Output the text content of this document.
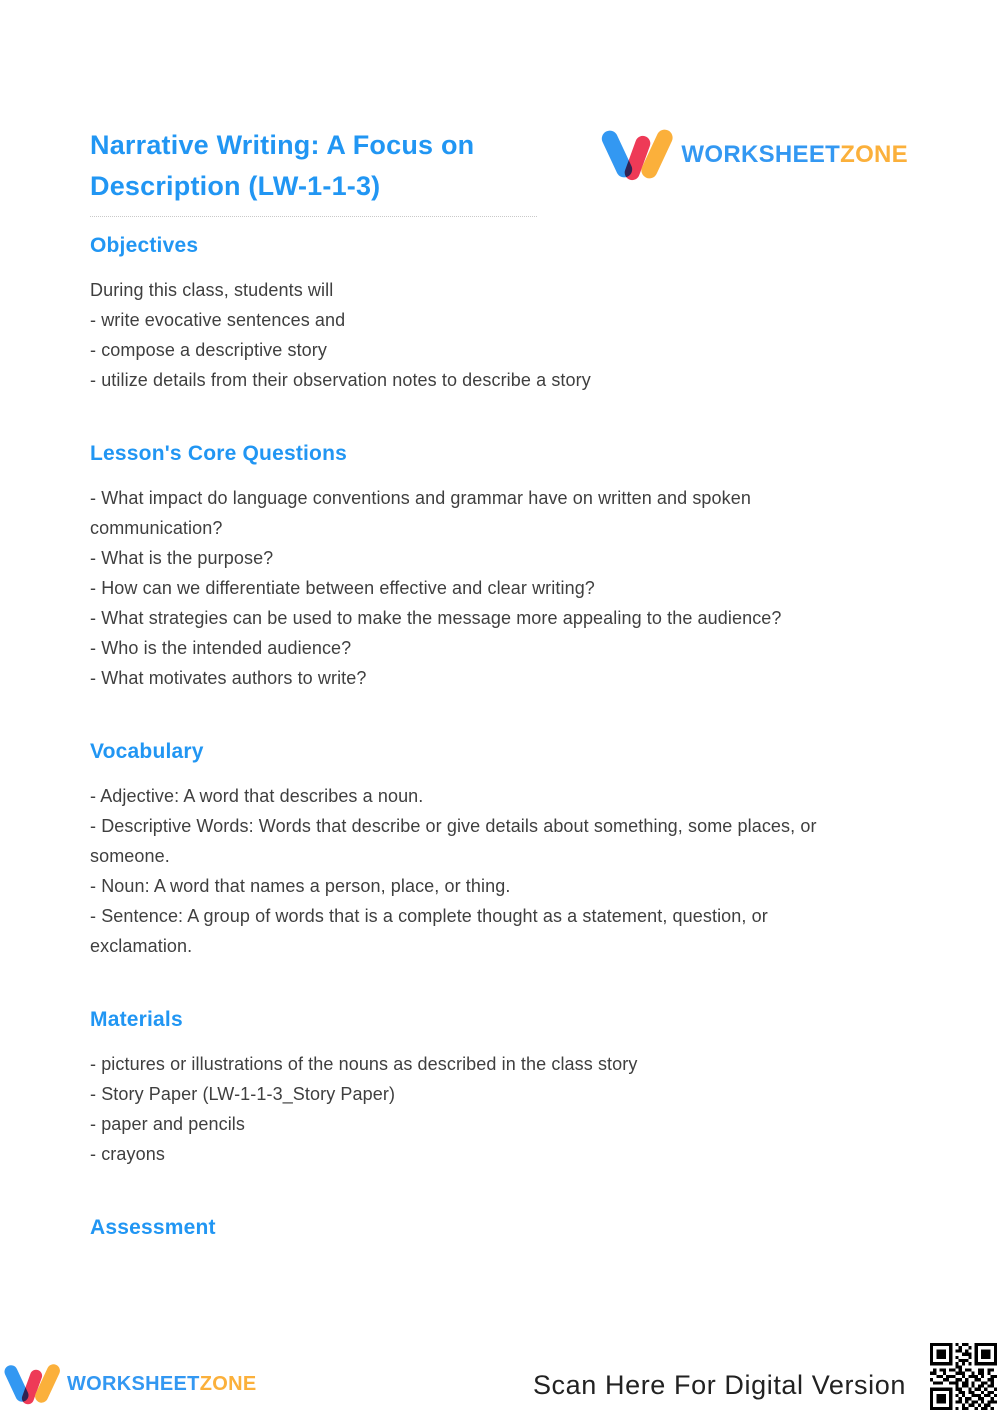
Narrative Writing: A Focus on Description (LW-1-1-3)
WORKSHEETZONE
Objectives

During this class, students will

- write evocative sentences and

- compose a descriptive story

- utilize details from their observation notes to describe a story

Lesson's Core Questions

- What impact do language conventions and grammar have on written and spoken

communication?

- What is the purpose?

- How can we differentiate between effective and clear writing?

- What strategies can be used to make the message more appealing to the audience?

- Who is the intended audience?

- What motivates authors to write?

Vocabulary

- Adjective: A word that describes a noun.

- Descriptive Words: Words that describe or give details about something, some places, or

someone.

- Noun: A word that names a person, place, or thing.

- Sentence: A group of words that is a complete thought as a statement, question, or

exclamation.

Materials

- pictures or illustrations of the nouns as described in the class story

- Story Paper (LW-1-1-3_Story Paper)

- paper and pencils

- crayons

Assessment
WORKSHEETZONE	Scan Here For Digital Version
